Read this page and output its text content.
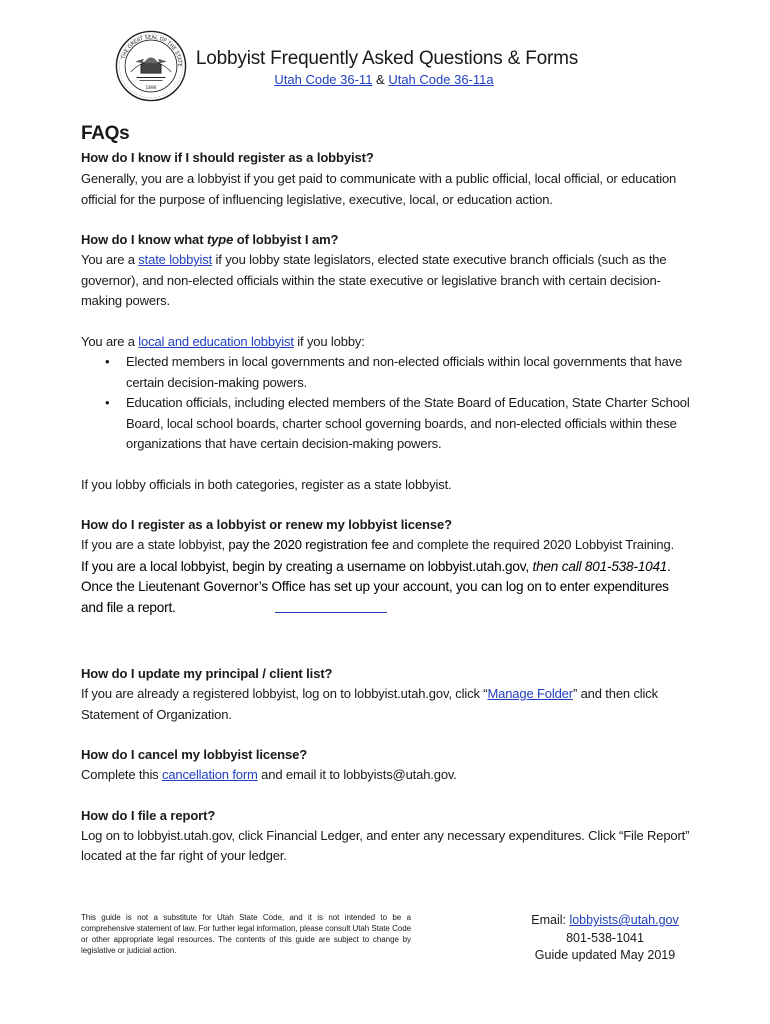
1896
THE GREAT SEAL OF THE STATE Lobbyist Frequently Asked Questions & Forms
Utah Code 36-11 & Utah Code 36-11a
FAQs
How do I know if I should register as a lobbyist?
Generally, you are a lobbyist if you get paid to communicate with a public official, local official, or education official for the purpose of influencing legislative, executive, local, or education action.
How do I know what type of lobbyist I am?
You are a state lobbyist if you lobby state legislators, elected state executive branch officials (such as the governor), and non-elected officials within the state executive or legislative branch with certain decision-making powers.
You are a local and education lobbyist if you lobby:
• Elected members in local governments and non-elected officials within local governments that have certain decision-making powers.
• Education officials, including elected members of the State Board of Education, State Charter School Board, local school boards, charter school governing boards, and non-elected officials within these organizations that have certain decision-making powers.
If you lobby officials in both categories, register as a state lobbyist.
How do I register as a lobbyist or renew my lobbyist license?
If you are a state lobbyist, pay the 2020 registration fee and complete the required 2020 Lobbyist Training.
If you are a local lobbyist, begin by creating a username on lobbyist.utah.gov, then call 801-538-1041. Once the Lieutenant Governor’s Office has set up your account, you can log on to enter expenditures and file a report.
How do I update my principal / client list?
If you are already a registered lobbyist, log on to lobbyist.utah.gov, click “Manage Folder” and then click Statement of Organization.
How do I cancel my lobbyist license?
Complete this cancellation form and email it to lobbyists@utah.gov.
How do I file a report?
Log on to lobbyist.utah.gov, click Financial Ledger, and enter any necessary expenditures. Click “File Report” located at the far right of your ledger.
This guide is not a substitute for Utah State Code, and it is not intended to be a comprehensive statement of law. For further legal information, please consult Utah State Code or other appropriate legal resources. The contents of this guide are subject to change by legislative or judicial action.
Email: lobbyists@utah.gov
801-538-1041
Guide updated May 2019
